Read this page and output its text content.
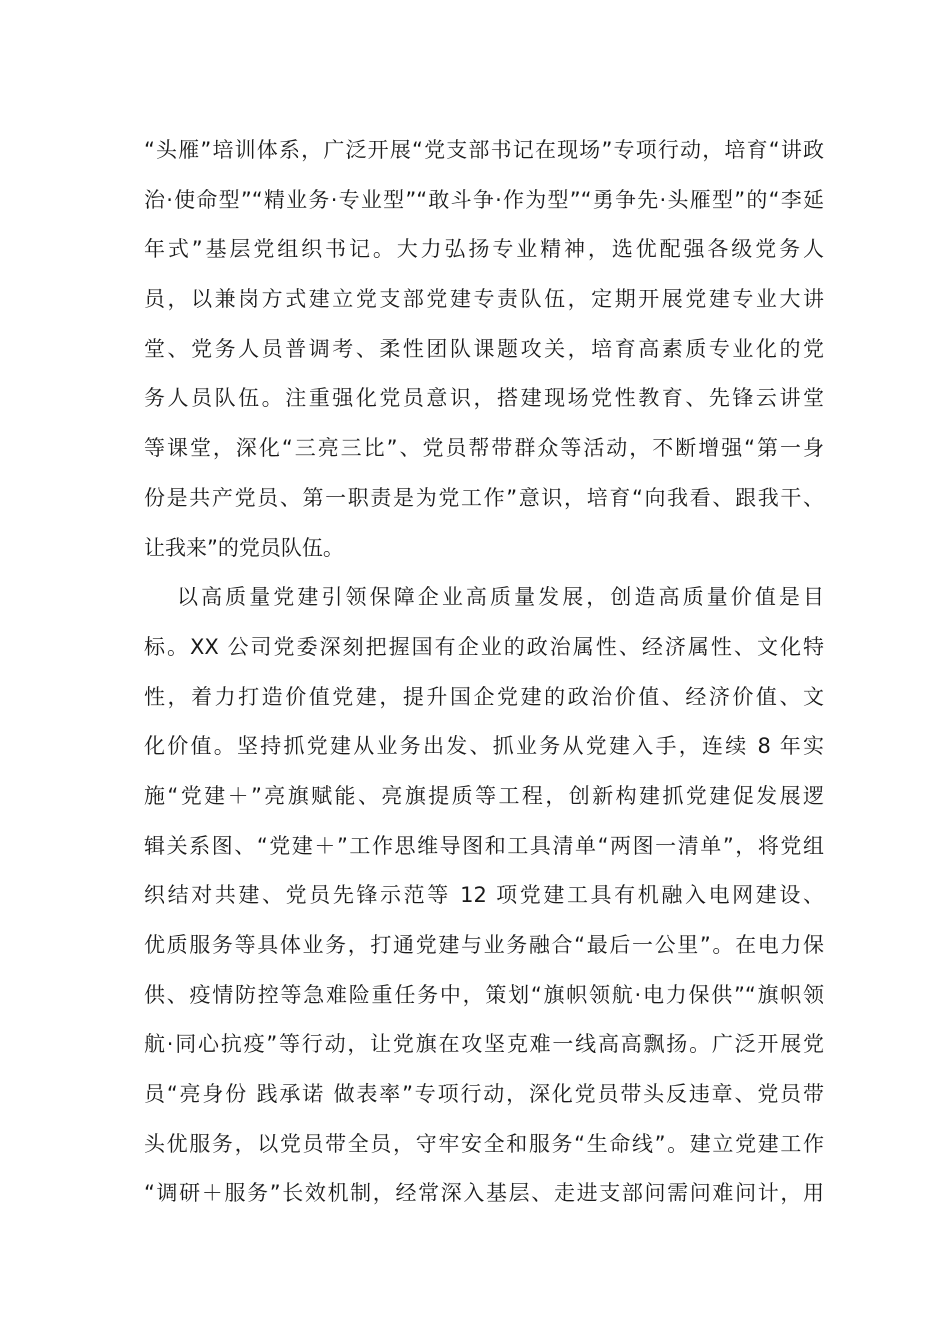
“头雁”培训体系，广泛开展“党支部书记在现场”专项行动，培育“讲政
治·使命型”“精业务·专业型”“敢斗争·作为型”“勇争先·头雁型”的“李延
年式”基层党组织书记。大力弘扬专业精神，选优配强各级党务人
员，以兼岗方式建立党支部党建专责队伍，定期开展党建专业大讲
堂、党务人员普调考、柔性团队课题攻关，培育高素质专业化的党
务人员队伍。注重强化党员意识，搭建现场党性教育、先锋云讲堂
等课堂，深化“三亮三比”、党员帮带群众等活动，不断增强“第一身
份是共产党员、第一职责是为党工作”意识，培育“向我看、跟我干、
让我来”的党员队伍。
以高质量党建引领保障企业高质量发展，创造高质量价值是目
标。XX 公司党委深刻把握国有企业的政治属性、经济属性、文化特
性，着力打造价值党建，提升国企党建的政治价值、经济价值、文
化价值。坚持抓党建从业务出发、抓业务从党建入手，连续 8 年实
施“党建＋”亮旗赋能、亮旗提质等工程，创新构建抓党建促发展逻
辑关系图、“党建＋”工作思维导图和工具清单“两图一清单”，将党组
织结对共建、党员先锋示范等 12 项党建工具有机融入电网建设、
优质服务等具体业务，打通党建与业务融合“最后一公里”。在电力保
供、疫情防控等急难险重任务中，策划“旗帜领航·电力保供”“旗帜领
航·同心抗疫”等行动，让党旗在攻坚克难一线高高飘扬。广泛开展党
员“亮身份 践承诺 做表率”专项行动，深化党员带头反违章、党员带
头优服务，以党员带全员，守牢安全和服务“生命线”。建立党建工作
“调研＋服务”长效机制，经常深入基层、走进支部问需问难问计，用
